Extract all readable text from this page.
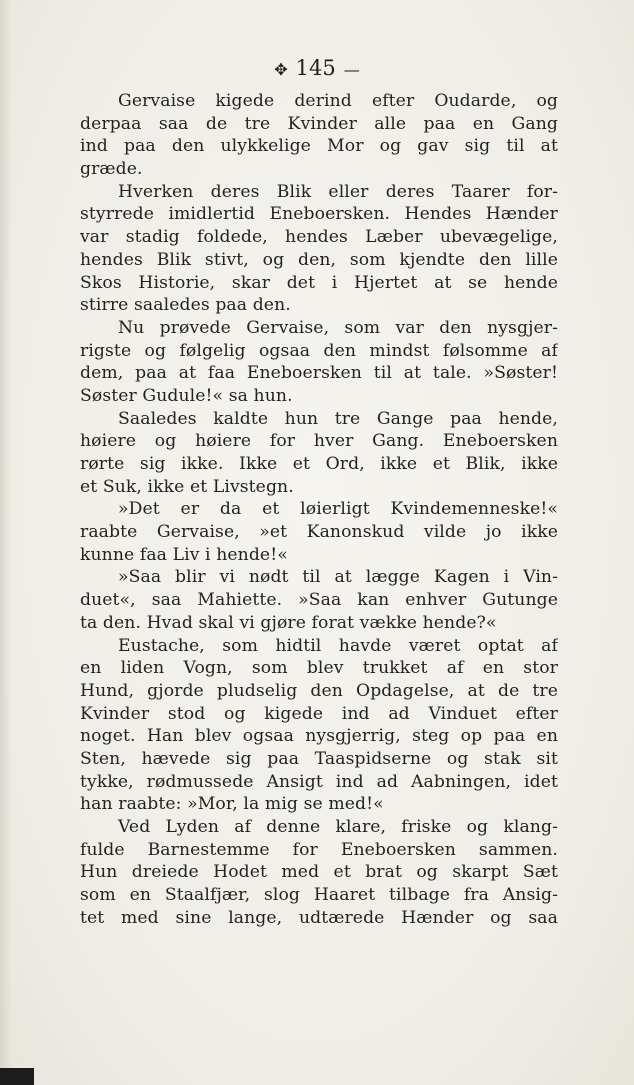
✥ 145 —
Gervaise kigede derind efter Oudarde, og
derpaa saa de tre Kvinder alle paa en Gang
ind paa den ulykkelige Mor og gav sig til at
græde.
Hverken deres Blik eller deres Taarer for-
styrrede imidlertid Eneboersken. Hendes Hænder
var stadig foldede, hendes Læber ubevægelige,
hendes Blik stivt, og den, som kjendte den lille
Skos Historie, skar det i Hjertet at se hende
stirre saaledes paa den.
Nu prøvede Gervaise, som var den nysgjer-
rigste og følgelig ogsaa den mindst følsomme af
dem, paa at faa Eneboersken til at tale. »Søster!
Søster Gudule!« sa hun.
Saaledes kaldte hun tre Gange paa hende,
høiere og høiere for hver Gang. Eneboersken
rørte sig ikke. Ikke et Ord, ikke et Blik, ikke
et Suk, ikke et Livstegn.
»Det er da et løierligt Kvindemenneske!«
raabte Gervaise, »et Kanonskud vilde jo ikke
kunne faa Liv i hende!«
»Saa blir vi nødt til at lægge Kagen i Vin-
duet«, saa Mahiette. »Saa kan enhver Gutunge
ta den. Hvad skal vi gjøre forat vække hende?«
Eustache, som hidtil havde været optat af
en liden Vogn, som blev trukket af en stor
Hund, gjorde pludselig den Opdagelse, at de tre
Kvinder stod og kigede ind ad Vinduet efter
noget. Han blev ogsaa nysgjerrig, steg op paa en
Sten, hævede sig paa Taaspidserne og stak sit
tykke, rødmussede Ansigt ind ad Aabningen, idet
han raabte: »Mor, la mig se med!«
Ved Lyden af denne klare, friske og klang-
fulde Barnestemme for Eneboersken sammen.
Hun dreiede Hodet med et brat og skarpt Sæt
som en Staalfjær, slog Haaret tilbage fra Ansig-
tet med sine lange, udtærede Hænder og saa
